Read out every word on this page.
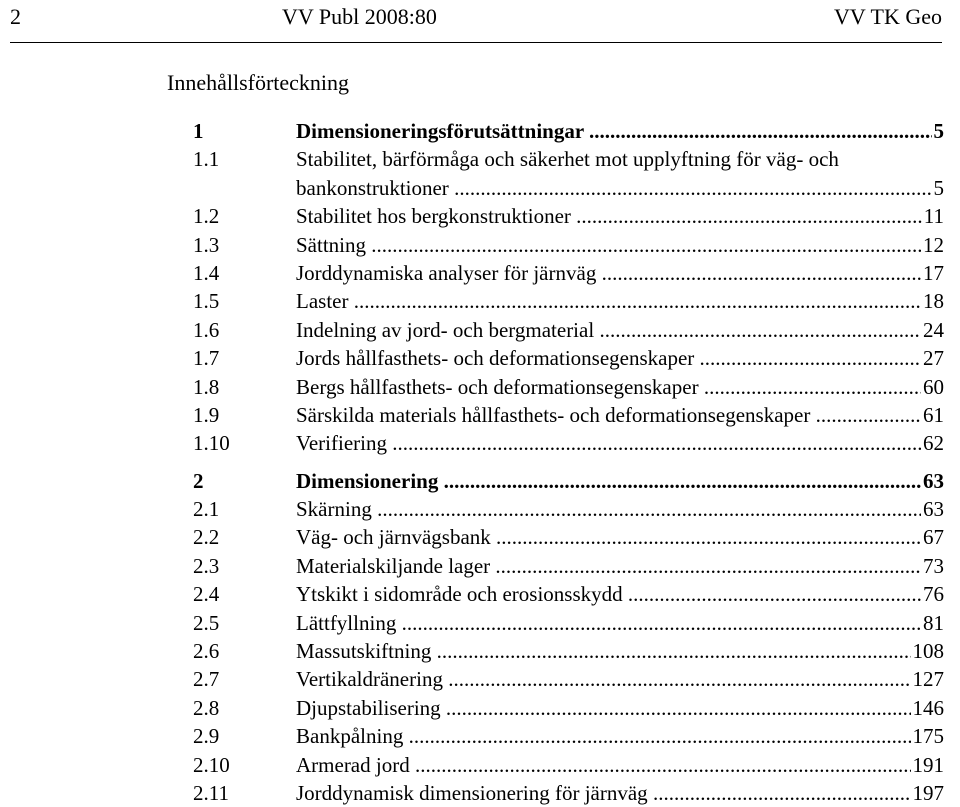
2	VV Publ 2008:80	VV TK Geo
Innehållsförteckning
1	Dimensioneringsförutsättningar .....	5
1.1	Stabilitet, bärförmåga och säkerhet mot upplyftning för väg- och
bankonstruktioner .....	5
1.2	Stabilitet hos bergkonstruktioner .....	11
1.3	Sättning .....	12
1.4	Jorddynamiska analyser för järnväg .....	17
1.5	Laster .....	18
1.6	Indelning av jord- och bergmaterial .....	24
1.7	Jords hållfasthets- och deformationsegenskaper .....	27
1.8	Bergs hållfasthets- och deformationsegenskaper .....	60
1.9	Särskilda materials hållfasthets- och deformationsegenskaper .....	61
1.10	Verifiering .....	62
2	Dimensionering .....	63
2.1	Skärning .....	63
2.2	Väg- och järnvägsbank .....	67
2.3	Materialskiljande lager .....	73
2.4	Ytskikt i sidområde och erosionsskydd .....	76
2.5	Lättfyllning .....	81
2.6	Massutskiftning .....	108
2.7	Vertikaldränering .....	127
2.8	Djupstabilisering .....	146
2.9	Bankpålning .....	175
2.10	Armerad jord .....	191
2.11	Jorddynamisk dimensionering för järnväg .....	197
